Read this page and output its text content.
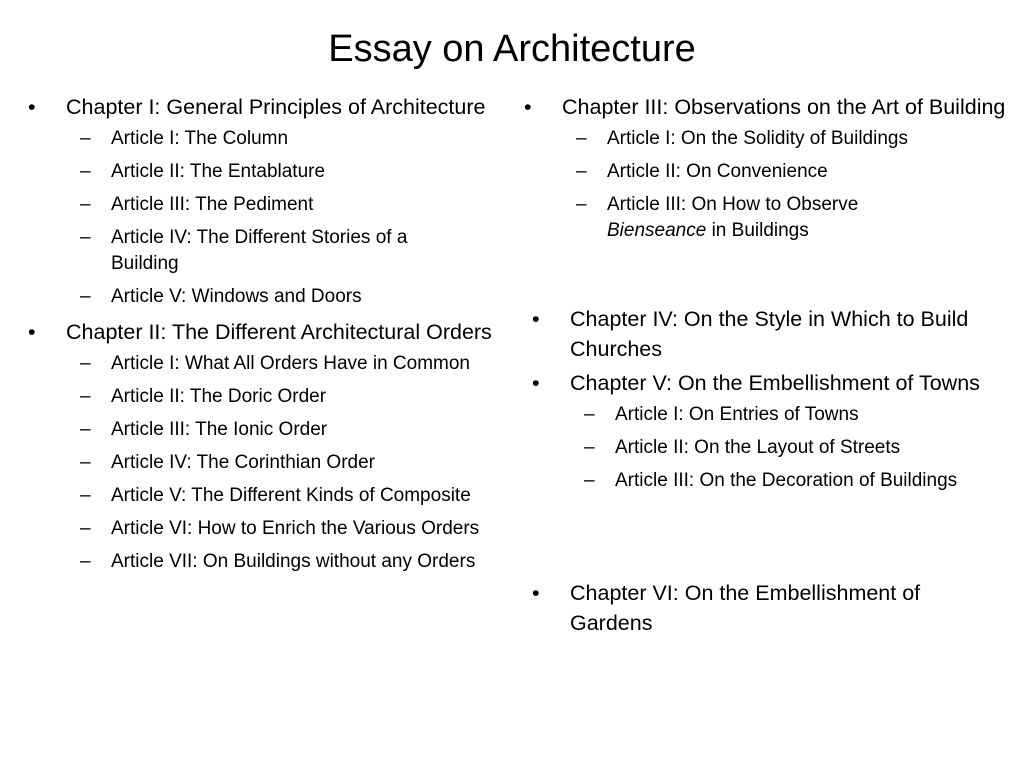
Essay on Architecture
•	Chapter I: General Principles of Architecture
–	Article I: The Column
–	Article II: The Entablature
–	Article III: The Pediment
–	Article IV: The Different Stories of a Building
–	Article V: Windows and Doors
•	Chapter II: The Different Architectural Orders
–	Article I: What All Orders Have in Common
–	Article II: The Doric Order
–	Article III: The Ionic Order
–	Article IV: The Corinthian Order
–	Article V: The Different Kinds of Composite
–	Article VI: How to Enrich the Various Orders
–	Article VII: On Buildings without any Orders
•	Chapter III: Observations on the Art of Building
–	Article I: On the Solidity of Buildings
–	Article II: On Convenience
–	Article III: On How to Observe Bienseance in Buildings
•	Chapter IV: On the Style in Which to Build Churches
•	Chapter V: On the Embellishment of Towns
–	Article I: On Entries of Towns
–	Article II: On the Layout of Streets
–	Article III: On the Decoration of Buildings
•	Chapter VI: On the Embellishment of Gardens
